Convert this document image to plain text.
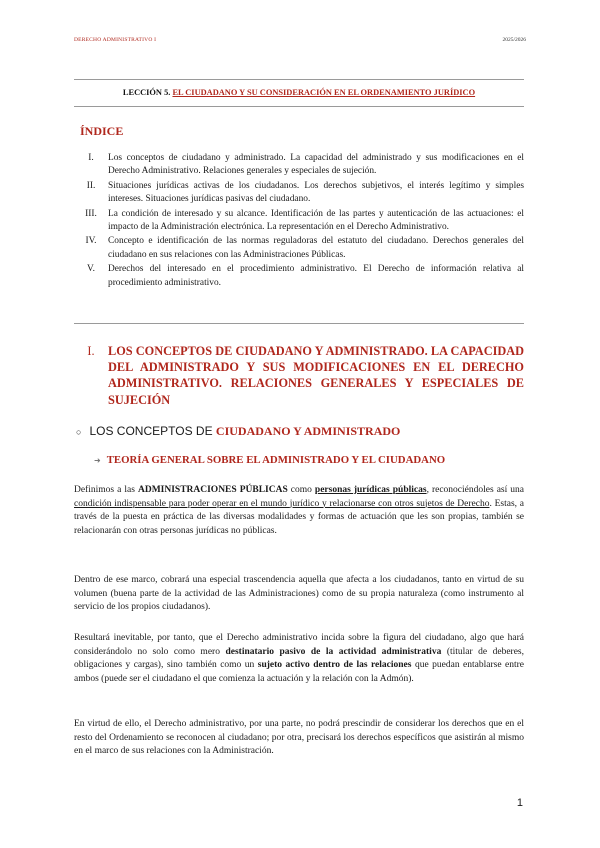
DERECHO ADMINISTRATIVO I	2025/2026
LECCIÓN 5. EL CIUDADANO Y SU CONSIDERACIÓN EN EL ORDENAMIENTO JURÍDICO
ÍNDICE
I.	Los conceptos de ciudadano y administrado. La capacidad del administrado y sus modificaciones en el Derecho Administrativo. Relaciones generales y especiales de sujeción.
II.	Situaciones jurídicas activas de los ciudadanos. Los derechos subjetivos, el interés legítimo y simples intereses. Situaciones jurídicas pasivas del ciudadano.
III.	La condición de interesado y su alcance. Identificación de las partes y autenticación de las actuaciones: el impacto de la Administración electrónica. La representación en el Derecho Administrativo.
IV.	Concepto e identificación de las normas reguladoras del estatuto del ciudadano. Derechos generales del ciudadano en sus relaciones con las Administraciones Públicas.
V.	Derechos del interesado en el procedimiento administrativo. El Derecho de información relativa al procedimiento administrativo.
I.	LOS CONCEPTOS DE CIUDADANO Y ADMINISTRADO. LA CAPACIDAD DEL ADMINISTRADO Y SUS MODIFICACIONES EN EL DERECHO ADMINISTRATIVO. RELACIONES GENERALES Y ESPECIALES DE SUJECIÓN
○ LOS CONCEPTOS DE CIUDADANO Y ADMINISTRADO
➜ TEORÍA GENERAL SOBRE EL ADMINISTRADO Y EL CIUDADANO
Definimos a las ADMINISTRACIONES PÚBLICAS como personas jurídicas públicas, reconociéndoles así una condición indispensable para poder operar en el mundo jurídico y relacionarse con otros sujetos de Derecho. Estas, a través de la puesta en práctica de las diversas modalidades y formas de actuación que les son propias, también se relacionarán con otras personas jurídicas no públicas.
Dentro de ese marco, cobrará una especial trascendencia aquella que afecta a los ciudadanos, tanto en virtud de su volumen (buena parte de la actividad de las Administraciones) como de su propia naturaleza (como instrumento al servicio de los propios ciudadanos).
Resultará inevitable, por tanto, que el Derecho administrativo incida sobre la figura del ciudadano, algo que hará considerándolo no solo como mero destinatario pasivo de la actividad administrativa (titular de deberes, obligaciones y cargas), sino también como un sujeto activo dentro de las relaciones que puedan entablarse entre ambos (puede ser el ciudadano el que comienza la actuación y la relación con la Admón).
En virtud de ello, el Derecho administrativo, por una parte, no podrá prescindir de considerar los derechos que en el resto del Ordenamiento se reconocen al ciudadano; por otra, precisará los derechos específicos que asistirán al mismo en el marco de sus relaciones con la Administración.
1
